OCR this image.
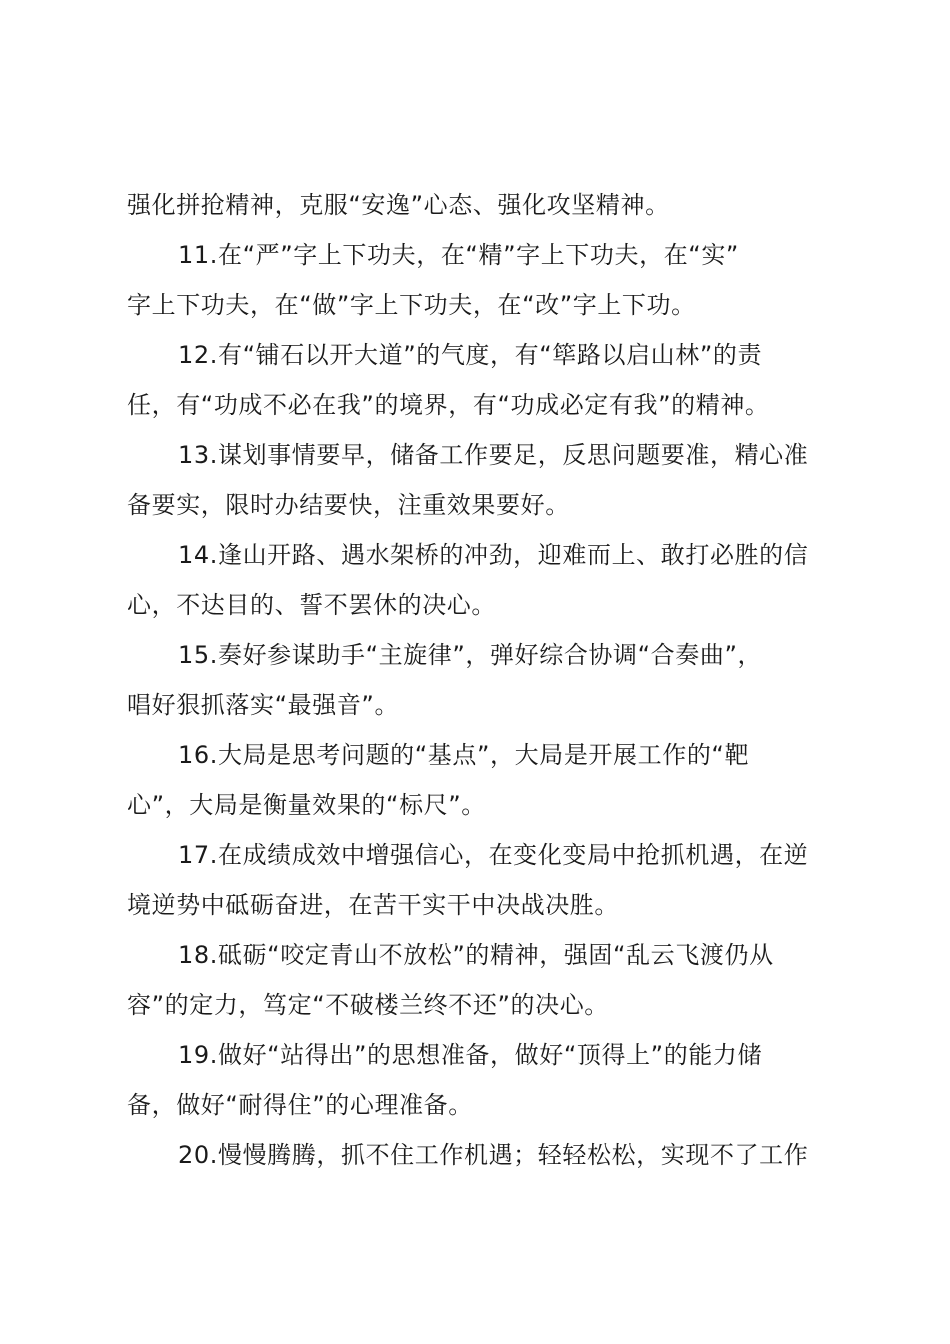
强化拼抢精神，克服“安逸”心态、强化攻坚精神。
11.在“严”字上下功夫，在“精”字上下功夫，在“实”
字上下功夫，在“做”字上下功夫，在“改”字上下功。
12.有“铺石以开大道”的气度，有“筚路以启山林”的责
任，有“功成不必在我”的境界，有“功成必定有我”的精神。
13.谋划事情要早，储备工作要足，反思问题要准，精心准
备要实，限时办结要快，注重效果要好。
14.逢山开路、遇水架桥的冲劲，迎难而上、敢打必胜的信
心，不达目的、誓不罢休的决心。
15.奏好参谋助手“主旋律”，弹好综合协调“合奏曲”，
唱好狠抓落实“最强音”。
16.大局是思考问题的“基点”，大局是开展工作的“靶
心”，大局是衡量效果的“标尺”。
17.在成绩成效中增强信心，在变化变局中抢抓机遇，在逆
境逆势中砥砺奋进，在苦干实干中决战决胜。
18.砥砺“咬定青山不放松”的精神，强固“乱云飞渡仍从
容”的定力，笃定“不破楼兰终不还”的决心。
19.做好“站得出”的思想准备，做好“顶得上”的能力储
备，做好“耐得住”的心理准备。
20.慢慢腾腾，抓不住工作机遇；轻轻松松，实现不了工作
